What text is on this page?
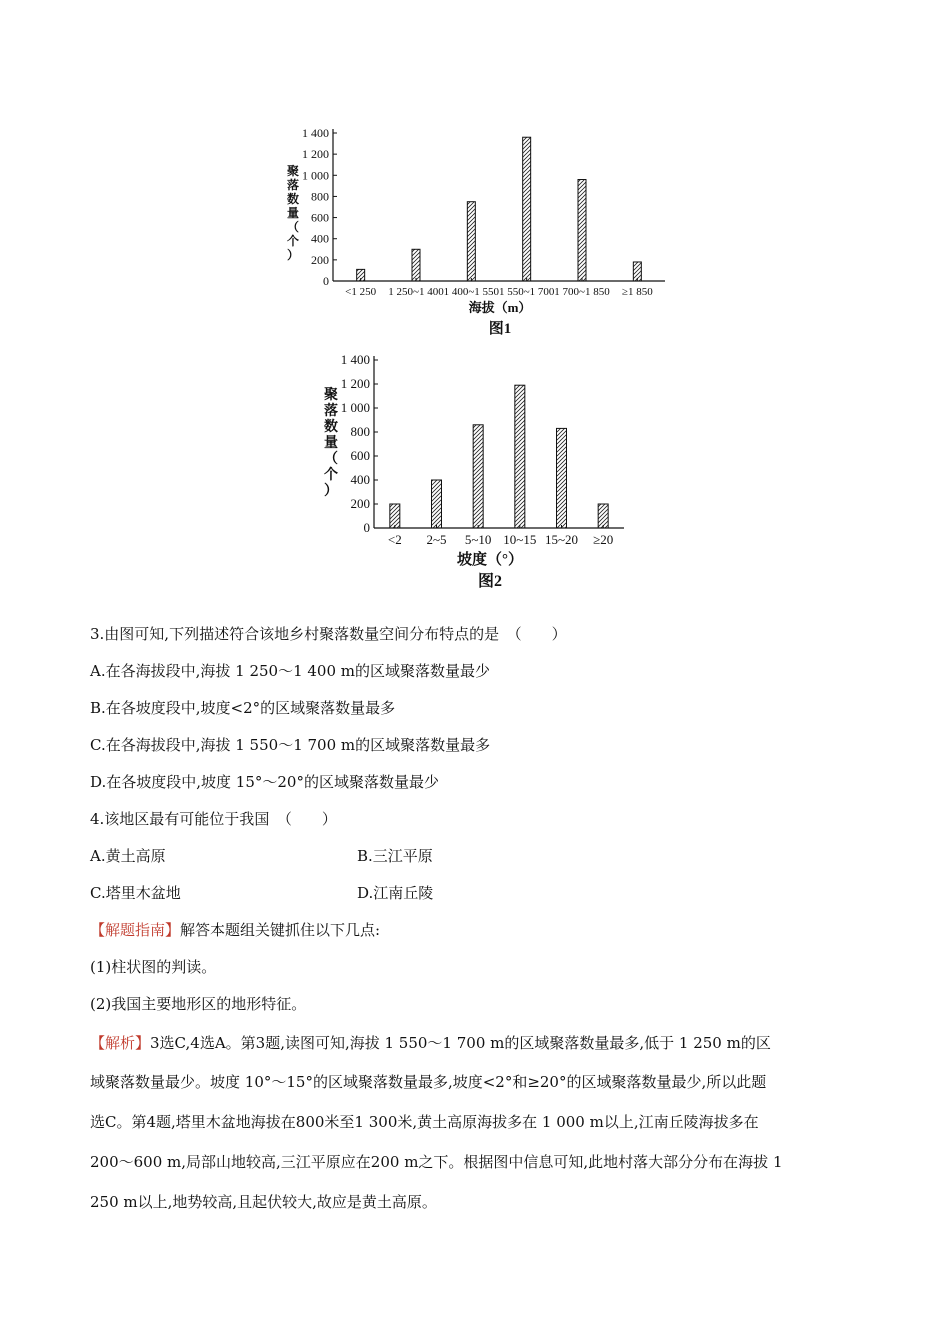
0
200
400
600
800
1 000
1 200
1 400
聚
落
数
量
（
个
）
<1 250 1 250~1 400 1 400~1 550 1 550~1 700 1 700~1 850 ≥1 850
海拔（m）
图1
0
200
400
600
800
1 000
1 200
1 400
聚
落
数
量
（
个
）
<2 2~5 5~10 10~15 15~20 ≥20
坡度（°）
图2
3.由图可知,下列描述符合该地乡村聚落数量空间分布特点的是　（　　）
A.在各海拔段中,海拔 1 250～1 400 m的区域聚落数量最少
B.在各坡度段中,坡度<2°的区域聚落数量最多
C.在各海拔段中,海拔 1 550～1 700 m的区域聚落数量最多
D.在各坡度段中,坡度 15°～20°的区域聚落数量最少
4.该地区最有可能位于我国　（　　）
A.黄土高原	B.三江平原
C.塔里木盆地	D.江南丘陵
【解题指南】解答本题组关键抓住以下几点:
(1)柱状图的判读。
(2)我国主要地形区的地形特征。
【解析】3选C,4选A。第3题,读图可知,海拔 1 550～1 700 m的区域聚落数量最多,低于 1 250 m的区
域聚落数量最少。坡度 10°～15°的区域聚落数量最多,坡度<2°和≥20°的区域聚落数量最少,所以此题
选C。第4题,塔里木盆地海拔在800米至1 300米,黄土高原海拔多在 1 000 m以上,江南丘陵海拔多在
200～600 m,局部山地较高,三江平原应在200 m之下。根据图中信息可知,此地村落大部分分布在海拔 1
250 m以上,地势较高,且起伏较大,故应是黄土高原。
